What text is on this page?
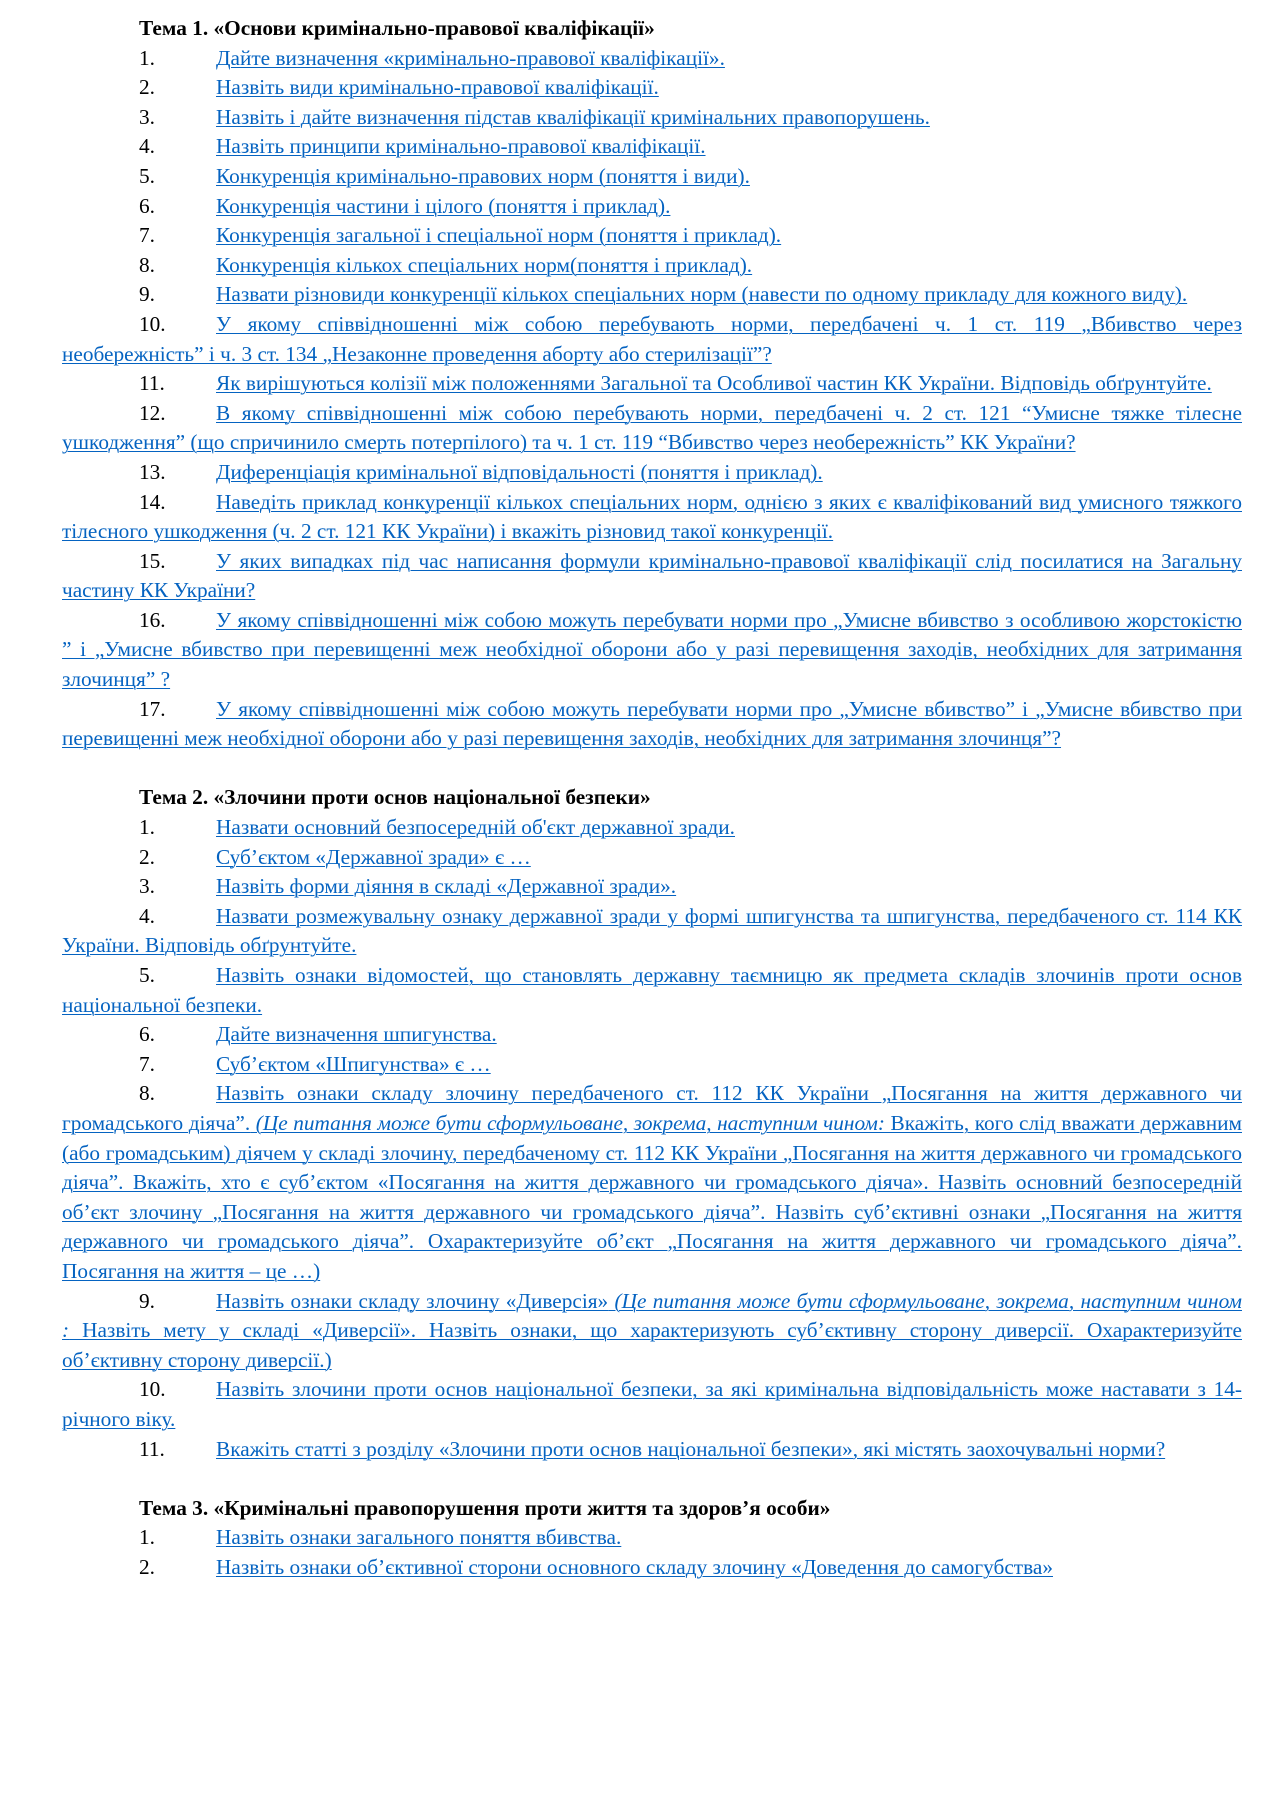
Тема 1. «Основи кримінально-правової кваліфікації»

1.	Дайте визначення «кримінально-правової кваліфікації».

2.	Назвіть види кримінально-правової кваліфікації.

3.	Назвіть і дайте визначення підстав кваліфікації кримінальних правопорушень.

4.	Назвіть принципи кримінально-правової кваліфікації.

5.	Конкуренція кримінально-правових норм (поняття і види).

6.	Конкуренція частини і цілого (поняття і приклад).

7.	Конкуренція загальної і спеціальної норм (поняття і приклад).

8.	Конкуренція кількох спеціальних норм(поняття і приклад).

9.	Назвати різновиди конкуренції кількох спеціальних норм (навести по одному прикладу для кожного виду).

10. У якому співвідношенні між собою перебувають норми, передбачені ч. 1 ст. 119 „Вбивство через необережність” і ч. 3 ст. 134 „Незаконне проведення аборту або стерилізації”?

11. Як вирішуються колізії між положеннями Загальної та Особливої частин КК України. Відповідь обґрунтуйте.

12. В якому співвідношенні між собою перебувають норми, передбачені ч. 2 ст. 121 “Умисне тяжке тілесне ушкодження” (що спричинило смерть потерпілого) та ч. 1 ст. 119 “Вбивство через необережність” КК України?

13. Диференціація кримінальної відповідальності (поняття і приклад).

14. Наведіть приклад конкуренції кількох спеціальних норм, однією з яких є кваліфікований вид умисного тяжкого тілесного ушкодження (ч. 2 ст. 121 КК України) і вкажіть різновид такої конкуренції.

15. У яких випадках під час написання формули кримінально-правової кваліфікації слід посилатися на Загальну частину КК України?

16. У якому співвідношенні між собою можуть перебувати норми про „Умисне вбивство з особливою жорстокістю ” і „Умисне вбивство при перевищенні меж необхідної оборони або у разі перевищення заходів, необхідних для затримання злочинця” ?

17. У якому співвідношенні між собою можуть перебувати норми про „Умисне вбивство” і „Умисне вбивство при перевищенні меж необхідної оборони або у разі перевищення заходів, необхідних для затримання злочинця”?

Тема 2. «Злочини проти основ національної безпеки»

1.	Назвати основний безпосередній об'єкт державної зради.

2.	Суб’єктом «Державної зради» є …

3.	Назвіть форми діяння в складі «Державної зради».

4.	Назвати розмежувальну ознаку державної зради у формі шпигунства та шпигунства, передбаченого ст. 114 КК України. Відповідь обґрунтуйте.

5.	Назвіть ознаки відомостей, що становлять державну таємницю як предмета складів злочинів проти основ національної безпеки.

6.	Дайте визначення шпигунства.

7.	Суб’єктом «Шпигунства» є …

8.	Назвіть ознаки складу злочину передбаченого ст. 112 КК України „Посягання на життя державного чи громадського діяча”. (Це питання може бути сформульоване, зокрема, наступним чином: Вкажіть, кого слід вважати державним (або громадським) діячем у складі злочину, передбаченому ст. 112 КК України „Посягання на життя державного чи громадського діяча”. Вкажіть, хто є суб’єктом «Посягання на життя державного чи громадського діяча». Назвіть основний безпосередній об’єкт злочину „Посягання на життя державного чи громадського діяча”. Назвіть суб’єктивні ознаки „Посягання на життя державного чи громадського діяча”. Охарактеризуйте об’єкт „Посягання на життя державного чи громадського діяча”. Посягання на життя – це …)

9.	Назвіть ознаки складу злочину «Диверсія» (Це питання може бути сформульоване, зокрема, наступним чином : Назвіть мету у складі «Диверсії». Назвіть ознаки, що характеризують суб’єктивну сторону диверсії. Охарактеризуйте об’єктивну сторону диверсії.)

10. Назвіть злочини проти основ національної безпеки, за які кримінальна відповідальність може наставати з 14-річного віку.

11. Вкажіть статті з розділу «Злочини проти основ національної безпеки», які містять заохочувальні норми?

Тема 3. «Кримінальні правопорушення проти життя та здоров’я особи»

1.	Назвіть ознаки загального поняття вбивства.

2.	Назвіть ознаки об’єктивної сторони основного складу злочину «Доведення до самогубства»
